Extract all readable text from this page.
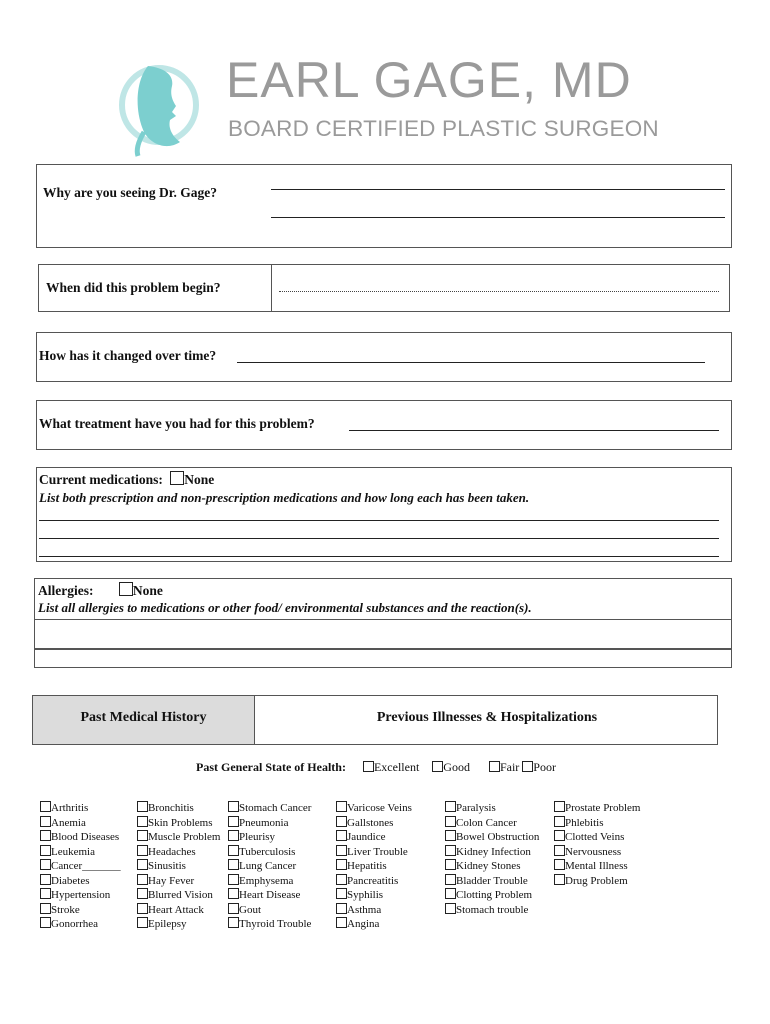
EARL GAGE, MD
BOARD CERTIFIED PLASTIC SURGEON
Why are you seeing Dr. Gage?
When did this problem begin?
How has it changed over time?
What treatment have you had for this problem?
Current medications: None
List both prescription and non-prescription medications and how long each has been taken.
Allergies:	None
List all allergies to medications or other food/ environmental substances and the reaction(s).
Past Medical History	Previous Illnesses & Hospitalizations
Past General State of Health: Excellent Good	Fair Poor
Arthritis
Anemia
Blood Diseases
Leukemia
Cancer_______
Diabetes
Hypertension
Stroke
Gonorrhea
Bronchitis
Skin Problems
Muscle Problem
Headaches
Sinusitis
Hay Fever
Blurred Vision
Heart Attack
Epilepsy
Stomach Cancer
Pneumonia
Pleurisy
Tuberculosis
Lung Cancer
Emphysema
Heart Disease
Gout
Thyroid Trouble
Varicose Veins
Gallstones
Jaundice
Liver Trouble
Hepatitis
Pancreatitis
Syphilis
Asthma
Angina
Paralysis
Colon Cancer
Bowel Obstruction
Kidney Infection
Kidney Stones
Bladder Trouble
Clotting Problem
Stomach trouble
Prostate Problem
Phlebitis
Clotted Veins
Nervousness
Mental Illness
Drug Problem
